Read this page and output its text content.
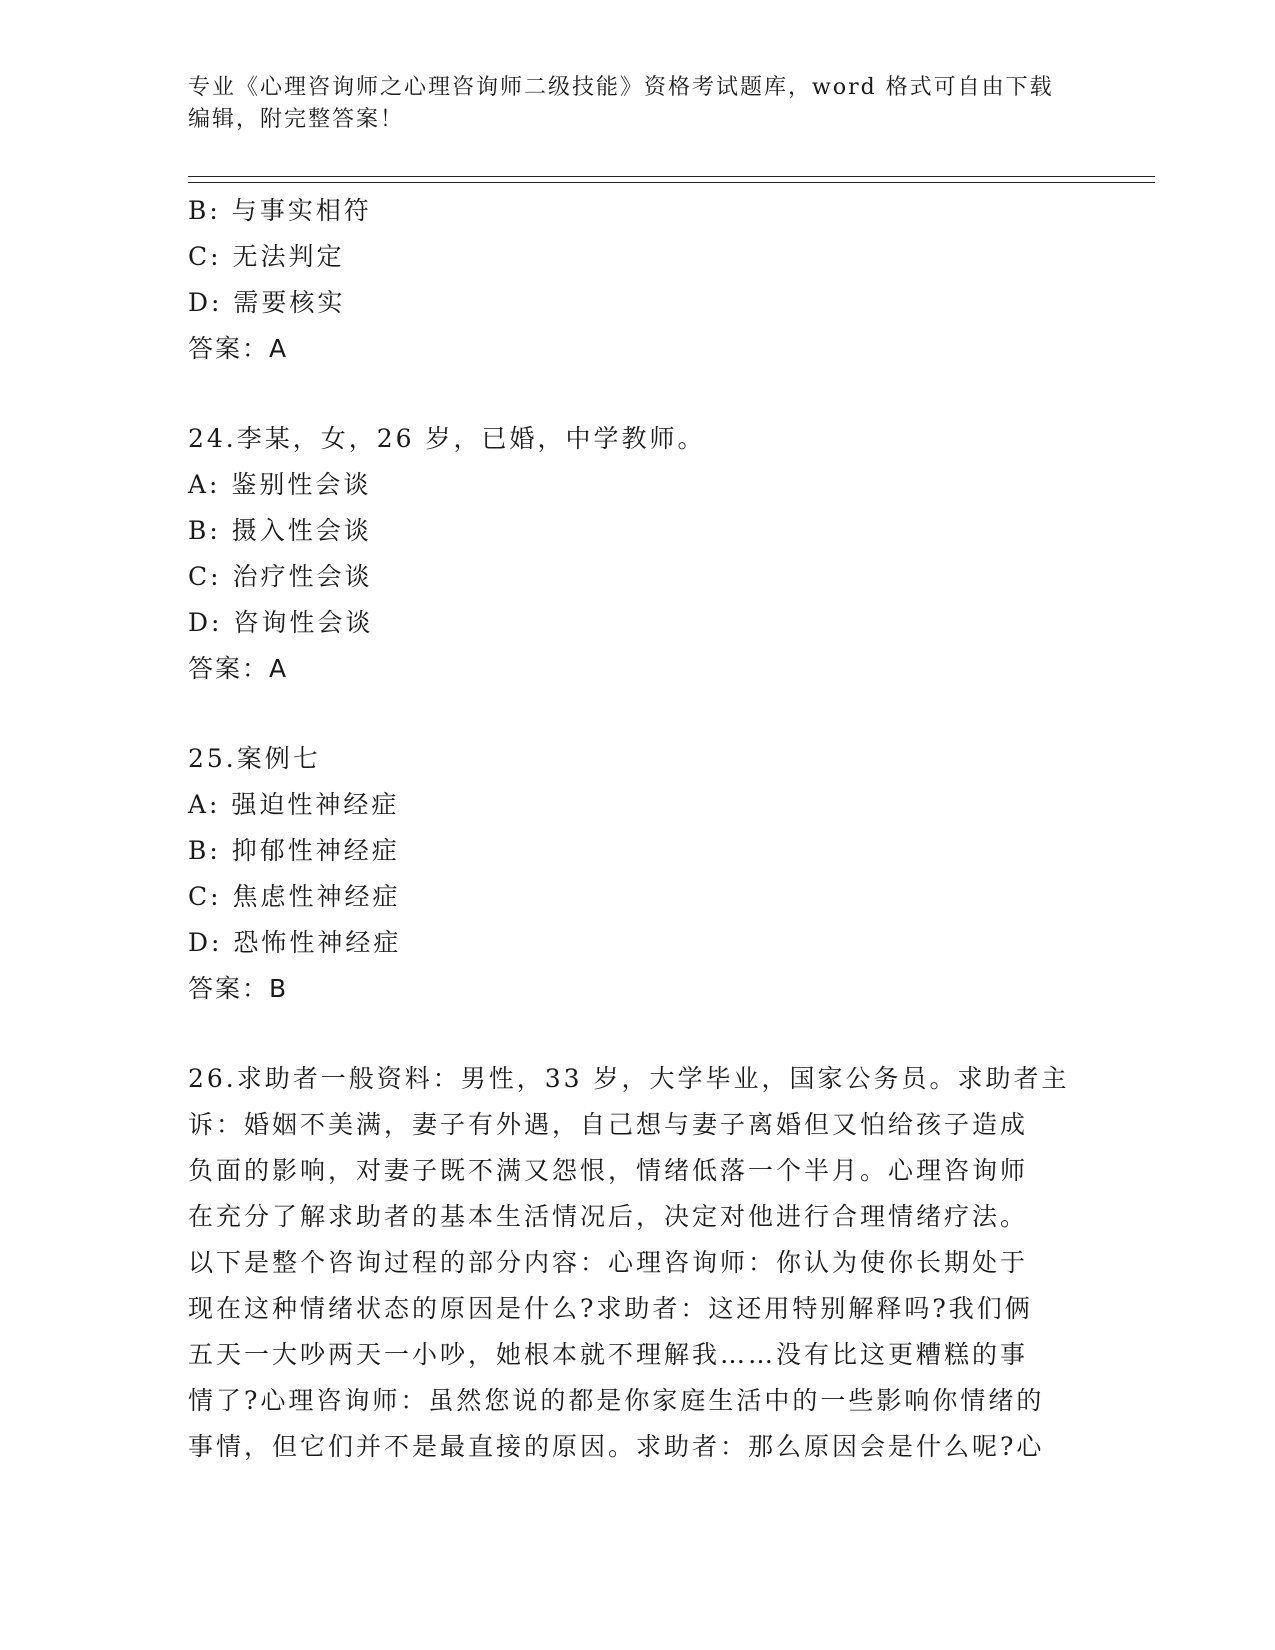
专业《心理咨询师之心理咨询师二级技能》资格考试题库，word 格式可自由下载
编辑，附完整答案！
B: 与事实相符
C: 无法判定
D: 需要核实
答案：A
24.李某，女，26 岁，已婚，中学教师。
A: 鉴别性会谈
B: 摄入性会谈
C: 治疗性会谈
D: 咨询性会谈
答案：A
25.案例七
A: 强迫性神经症
B: 抑郁性神经症
C: 焦虑性神经症
D: 恐怖性神经症
答案：B
26.求助者一般资料：男性，33 岁，大学毕业，国家公务员。求助者主
诉：婚姻不美满，妻子有外遇，自己想与妻子离婚但又怕给孩子造成
负面的影响，对妻子既不满又怨恨，情绪低落一个半月。心理咨询师
在充分了解求助者的基本生活情况后，决定对他进行合理情绪疗法。
以下是整个咨询过程的部分内容：心理咨询师：你认为使你长期处于
现在这种情绪状态的原因是什么?求助者：这还用特别解释吗?我们俩
五天一大吵两天一小吵，她根本就不理解我……没有比这更糟糕的事
情了?心理咨询师：虽然您说的都是你家庭生活中的一些影响你情绪的
事情，但它们并不是最直接的原因。求助者：那么原因会是什么呢?心
